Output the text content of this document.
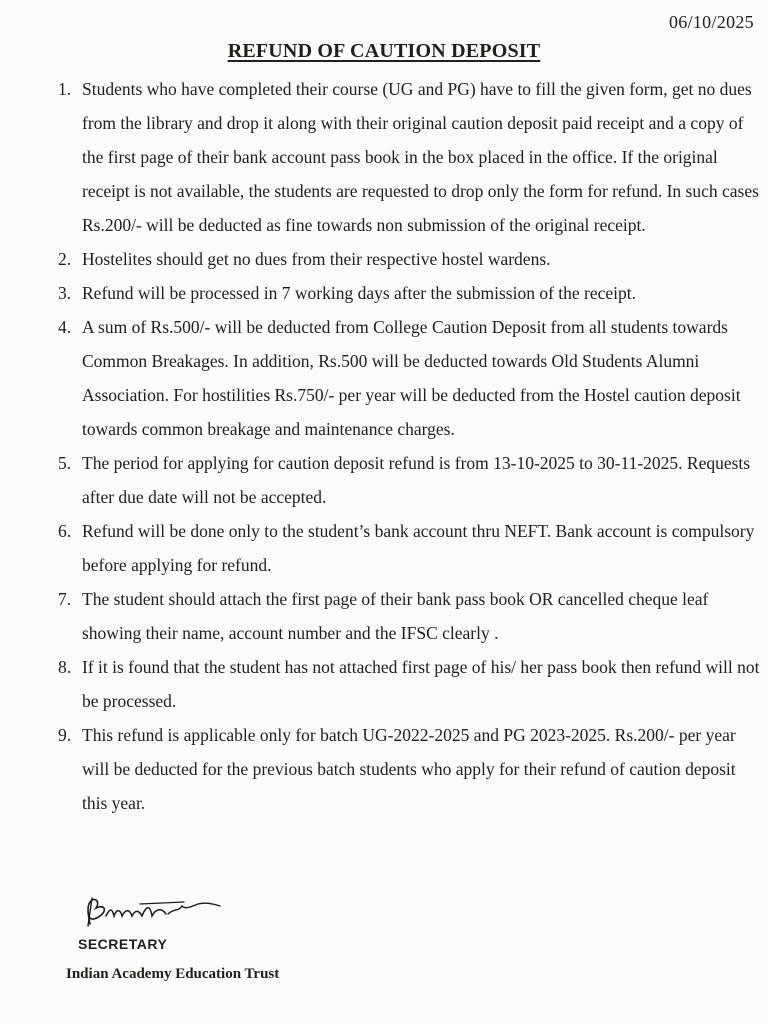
06/10/2025
REFUND OF CAUTION DEPOSIT
1. Students who have completed their course (UG and PG) have to fill the given form, get no dues from the library and drop it along with their original caution deposit paid receipt and a copy of the first page of their bank account pass book in the box placed in the office. If the original receipt is not available, the students are requested to drop only the form for refund. In such cases Rs.200/- will be deducted as fine towards non submission of the original receipt.
2. Hostelites should get no dues from their respective hostel wardens.
3. Refund will be processed in 7 working days after the submission of the receipt.
4. A sum of Rs.500/- will be deducted from College Caution Deposit from all students towards Common Breakages. In addition, Rs.500 will be deducted towards Old Students Alumni Association. For hostilities Rs.750/- per year will be deducted from the Hostel caution deposit towards common breakage and maintenance charges.
5. The period for applying for caution deposit refund is from 13-10-2025 to 30-11-2025. Requests after due date will not be accepted.
6. Refund will be done only to the student’s bank account thru NEFT. Bank account is compulsory before applying for refund.
7. The student should attach the first page of their bank pass book OR cancelled cheque leaf showing their name, account number and the IFSC clearly .
8. If it is found that the student has not attached first page of his/ her pass book then refund will not be processed.
9. This refund is applicable only for batch UG-2022-2025 and PG 2023-2025. Rs.200/- per year will be deducted for the previous batch students who apply for their refund of caution deposit this year.
SECRETARY
Indian Academy Education Trust
